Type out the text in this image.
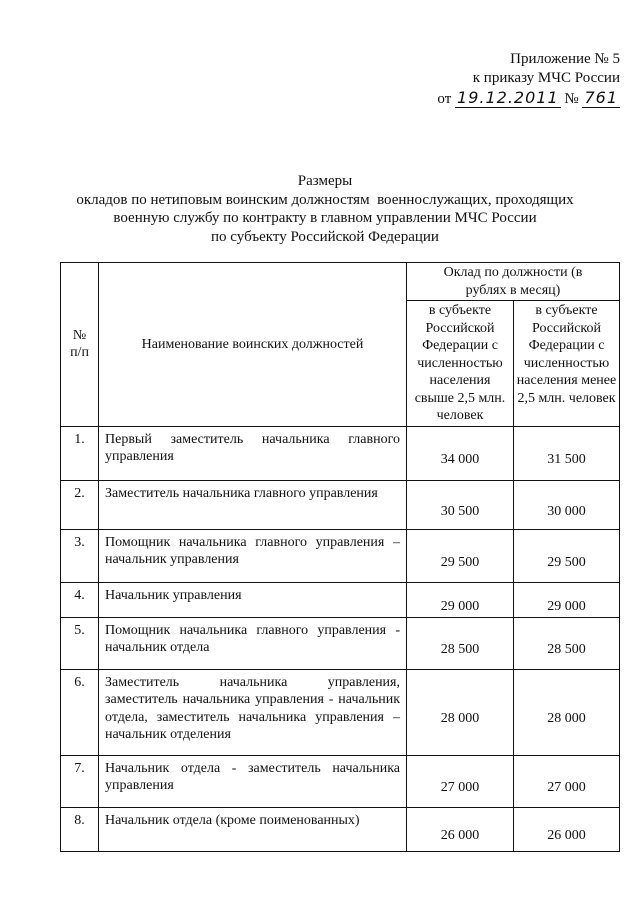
Приложение № 5
к приказу МЧС России
от 19.12.2011 № 761
Размеры
окладов по нетиповым воинским должностям  военнослужащих, проходящих
военную службу по контракту в главном управлении МЧС России
по субъекту Российской Федерации
№ п/п	Наименование воинских должностей	Оклад по должности (в рублях в месяц)	

		в субъекте Российской Федерации с численностью населения свыше 2,5 млн. человек	в субъекте Российской Федерации с численностью населения менее 2,5 млн. человек
1.	Первый заместитель начальника главного управления	34 000	31 500
2.	Заместитель начальника главного управления	30 500	30 000
3.	Помощник начальника главного управления – начальник управления	29 500	29 500
4.	Начальник управления	29 000	29 000
5.	Помощник начальника главного управления - начальник отдела	28 500	28 500
6.	Заместитель начальника управления, заместитель начальника управления - начальник отдела, заместитель начальника управления – начальник отделения	28 000	28 000
7.	Начальник отдела - заместитель начальника управления	27 000	27 000
8.	Начальник отдела (кроме поименованных)	26 000	26 000
